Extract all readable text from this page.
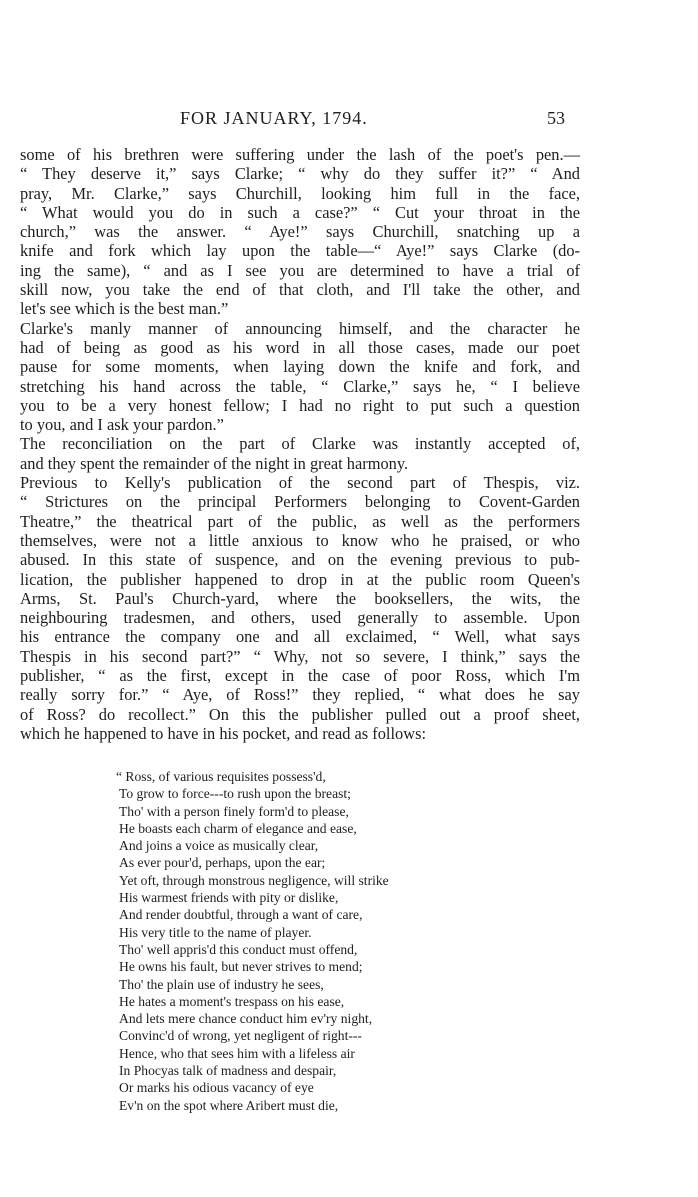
FOR JANUARY, 1794.	53
some of his brethren were suffering under the lash of the poet's pen.—
“ They deserve it,” says Clarke; “ why do they suffer it?” “ And
pray, Mr. Clarke,” says Churchill, looking him full in the face,
“ What would you do in such a case?” “ Cut your throat in the
church,” was the answer. “ Aye!” says Churchill, snatching up a
knife and fork which lay upon the table—“ Aye!” says Clarke (do-
ing the same), “ and as I see you are determined to have a trial of
skill now, you take the end of that cloth, and I'll take the other, and
let's see which is the best man.”
Clarke's manly manner of announcing himself, and the character he
had of being as good as his word in all those cases, made our poet
pause for some moments, when laying down the knife and fork, and
stretching his hand across the table, “ Clarke,” says he, “ I believe
you to be a very honest fellow; I had no right to put such a question
to you, and I ask your pardon.”
The reconciliation on the part of Clarke was instantly accepted of,
and they spent the remainder of the night in great harmony.
Previous to Kelly's publication of the second part of Thespis, viz.
“ Strictures on the principal Performers belonging to Covent-Garden
Theatre,” the theatrical part of the public, as well as the performers
themselves, were not a little anxious to know who he praised, or who
abused. In this state of suspence, and on the evening previous to pub-
lication, the publisher happened to drop in at the public room Queen's
Arms, St. Paul's Church-yard, where the booksellers, the wits, the
neighbouring tradesmen, and others, used generally to assemble. Upon
his entrance the company one and all exclaimed, “ Well, what says
Thespis in his second part?” “ Why, not so severe, I think,” says the
publisher, “ as the first, except in the case of poor Ross, which I'm
really sorry for.” “ Aye, of Ross!” they replied, “ what does he say
of Ross? do recollect.” On this the publisher pulled out a proof sheet,
which he happened to have in his pocket, and read as follows:
“ Ross, of various requisites possess'd,
To grow to force---to rush upon the breast;
Tho' with a person finely form'd to please,
He boasts each charm of elegance and ease,
And joins a voice as musically clear,
As ever pour'd, perhaps, upon the ear;
Yet oft, through monstrous negligence, will strike
His warmest friends with pity or dislike,
And render doubtful, through a want of care,
His very title to the name of player.
Tho' well appris'd this conduct must offend,
He owns his fault, but never strives to mend;
Tho' the plain use of industry he sees,
He hates a moment's trespass on his ease,
And lets mere chance conduct him ev'ry night,
Convinc'd of wrong, yet negligent of right---
Hence, who that sees him with a lifeless air
In Phocyas talk of madness and despair,
Or marks his odious vacancy of eye
Ev'n on the spot where Aribert must die,
